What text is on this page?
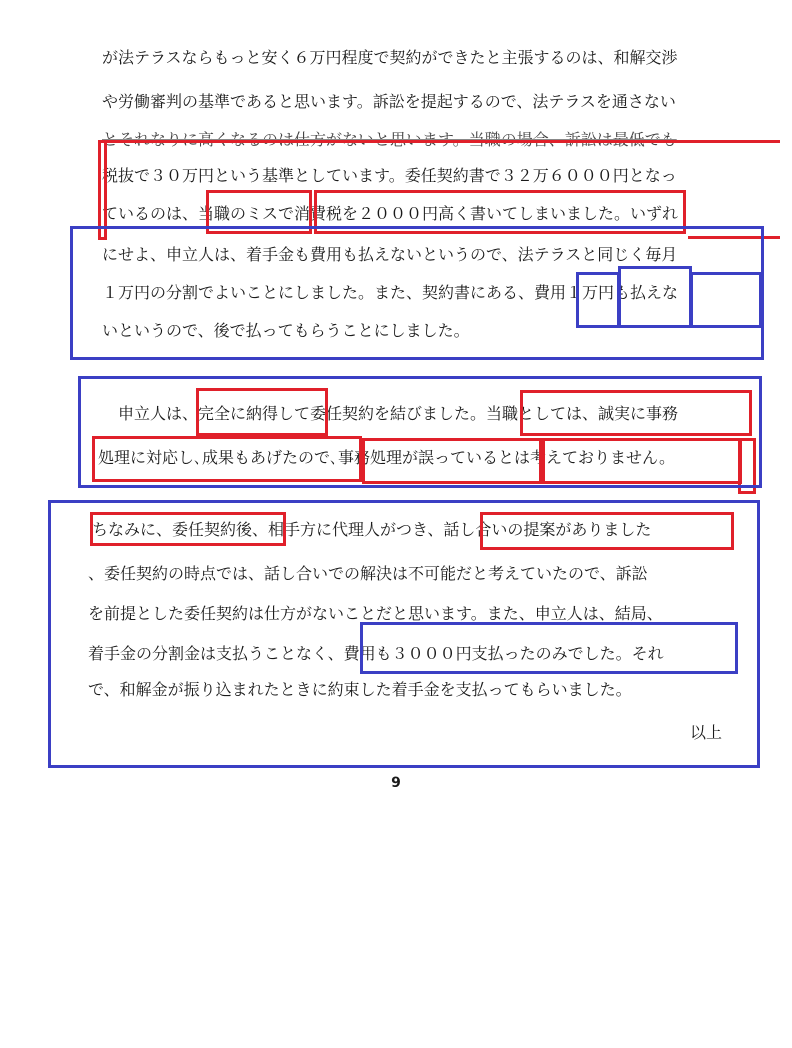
が法テラスならもっと安く６万円程度で契約ができたと主張するのは、和解交渉
や労働審判の基準であると思います。訴訟を提起するので、法テラスを通さない
税抜で３０万円という基準としています。委任契約書で３２万６０００円となっ
ているのは、当職のミスで消費税を２０００円高く書いてしまいました。いずれ
にせよ、申立人は、着手金も費用も払えないというので、法テラスと同じく毎月
１万円の分割でよいことにしました。また、契約書にある、費用１万円も払えな
いというので、後で払ってもらうことにしました。
申立人は、完全に納得して委任契約を結びました。当職としては、誠実に事務
処理に対応し､成果もあげたので､事務処理が誤っているとは考えておりません。
ちなみに、委任契約後、相手方に代理人がつき、話し合いの提案がありました
、委任契約の時点では、話し合いでの解決は不可能だと考えていたので、訴訟
を前提とした委任契約は仕方がないことだと思います。また、申立人は、結局、
着手金の分割金は支払うことなく、費用も３０００円支払ったのみでした。それ
で、和解金が振り込まれたときに約束した着手金を支払ってもらいました。
以上
9
